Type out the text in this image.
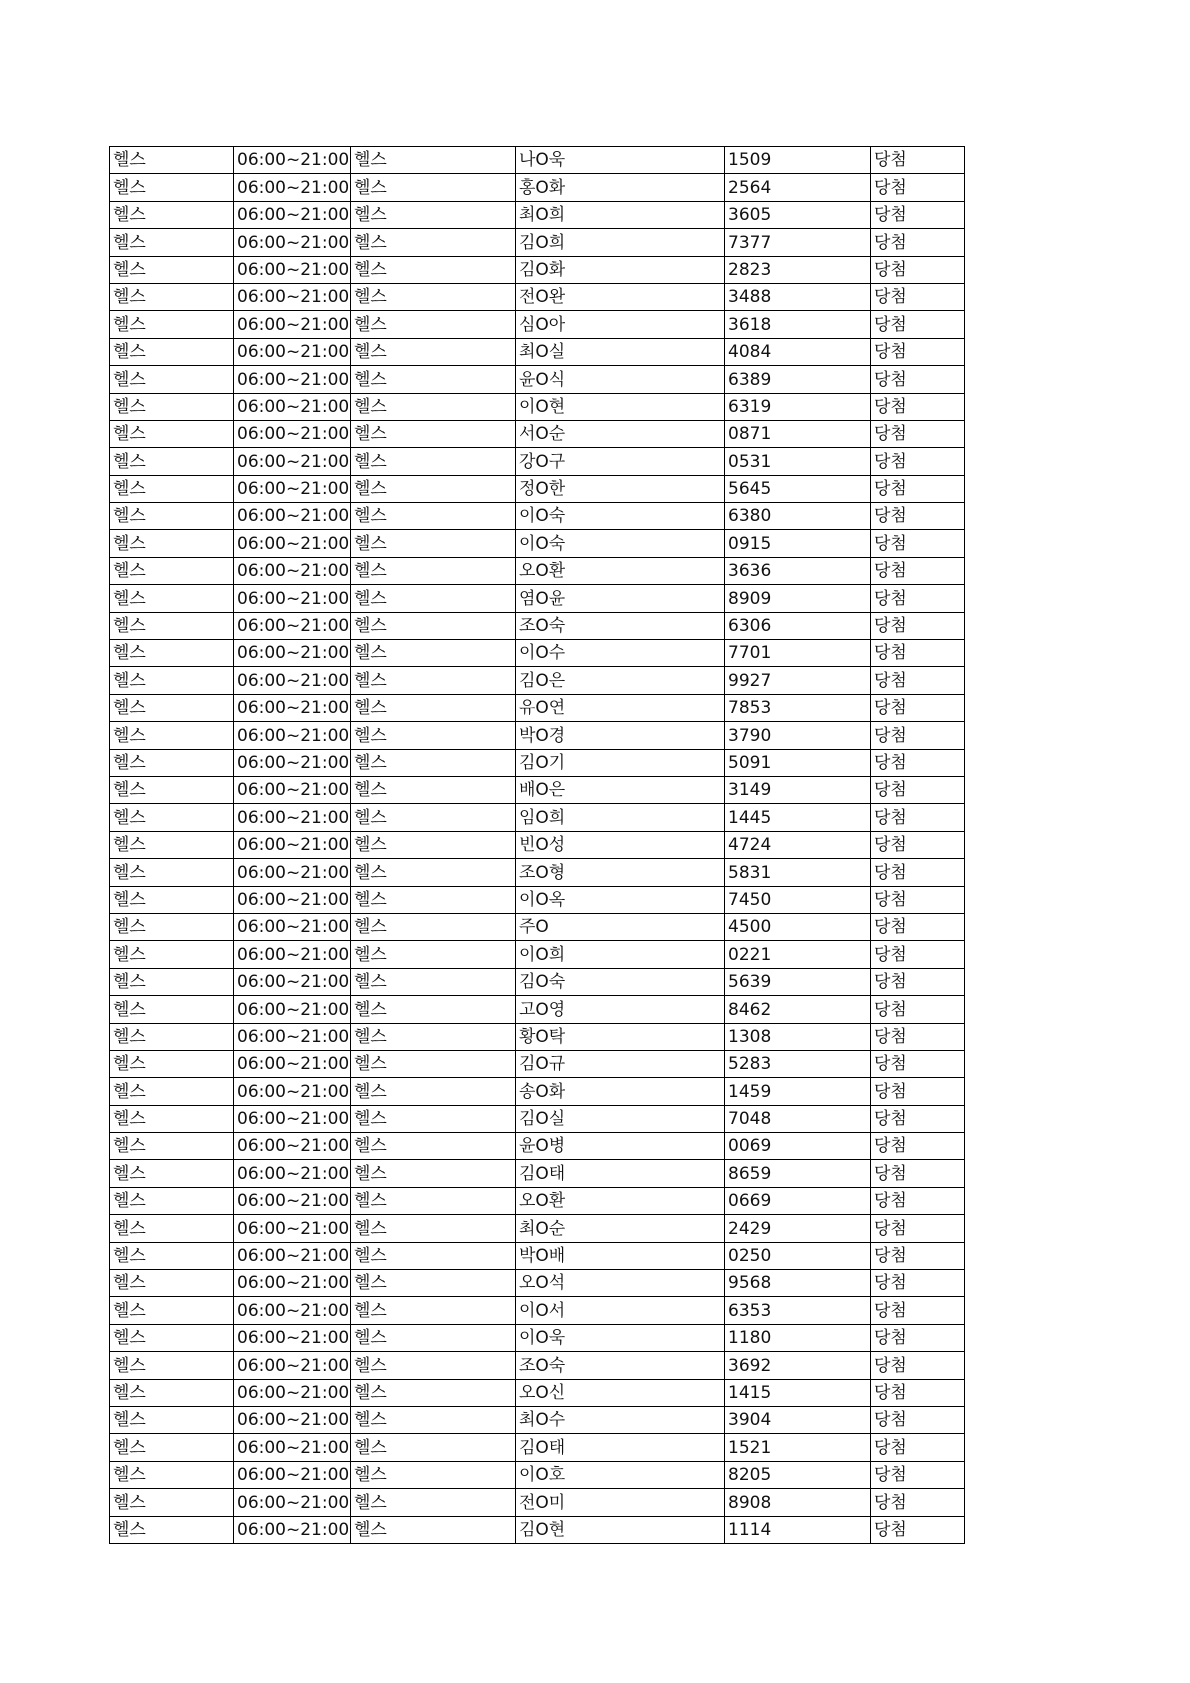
헬스	06:00~21:00	헬스	나O욱	1509	당첨
헬스	06:00~21:00	헬스	홍O화	2564	당첨
헬스	06:00~21:00	헬스	최O희	3605	당첨
헬스	06:00~21:00	헬스	김O희	7377	당첨
헬스	06:00~21:00	헬스	김O화	2823	당첨
헬스	06:00~21:00	헬스	전O완	3488	당첨
헬스	06:00~21:00	헬스	심O아	3618	당첨
헬스	06:00~21:00	헬스	최O실	4084	당첨
헬스	06:00~21:00	헬스	윤O식	6389	당첨
헬스	06:00~21:00	헬스	이O현	6319	당첨
헬스	06:00~21:00	헬스	서O순	0871	당첨
헬스	06:00~21:00	헬스	강O구	0531	당첨
헬스	06:00~21:00	헬스	정O한	5645	당첨
헬스	06:00~21:00	헬스	이O숙	6380	당첨
헬스	06:00~21:00	헬스	이O숙	0915	당첨
헬스	06:00~21:00	헬스	오O환	3636	당첨
헬스	06:00~21:00	헬스	염O윤	8909	당첨
헬스	06:00~21:00	헬스	조O숙	6306	당첨
헬스	06:00~21:00	헬스	이O수	7701	당첨
헬스	06:00~21:00	헬스	김O은	9927	당첨
헬스	06:00~21:00	헬스	유O연	7853	당첨
헬스	06:00~21:00	헬스	박O경	3790	당첨
헬스	06:00~21:00	헬스	김O기	5091	당첨
헬스	06:00~21:00	헬스	배O은	3149	당첨
헬스	06:00~21:00	헬스	임O희	1445	당첨
헬스	06:00~21:00	헬스	빈O성	4724	당첨
헬스	06:00~21:00	헬스	조O형	5831	당첨
헬스	06:00~21:00	헬스	이O옥	7450	당첨
헬스	06:00~21:00	헬스	주O	4500	당첨
헬스	06:00~21:00	헬스	이O희	0221	당첨
헬스	06:00~21:00	헬스	김O숙	5639	당첨
헬스	06:00~21:00	헬스	고O영	8462	당첨
헬스	06:00~21:00	헬스	황O탁	1308	당첨
헬스	06:00~21:00	헬스	김O규	5283	당첨
헬스	06:00~21:00	헬스	송O화	1459	당첨
헬스	06:00~21:00	헬스	김O실	7048	당첨
헬스	06:00~21:00	헬스	윤O병	0069	당첨
헬스	06:00~21:00	헬스	김O태	8659	당첨
헬스	06:00~21:00	헬스	오O환	0669	당첨
헬스	06:00~21:00	헬스	최O순	2429	당첨
헬스	06:00~21:00	헬스	박O배	0250	당첨
헬스	06:00~21:00	헬스	오O석	9568	당첨
헬스	06:00~21:00	헬스	이O서	6353	당첨
헬스	06:00~21:00	헬스	이O욱	1180	당첨
헬스	06:00~21:00	헬스	조O숙	3692	당첨
헬스	06:00~21:00	헬스	오O신	1415	당첨
헬스	06:00~21:00	헬스	최O수	3904	당첨
헬스	06:00~21:00	헬스	김O태	1521	당첨
헬스	06:00~21:00	헬스	이O호	8205	당첨
헬스	06:00~21:00	헬스	전O미	8908	당첨
헬스	06:00~21:00	헬스	김O현	1114	당첨
